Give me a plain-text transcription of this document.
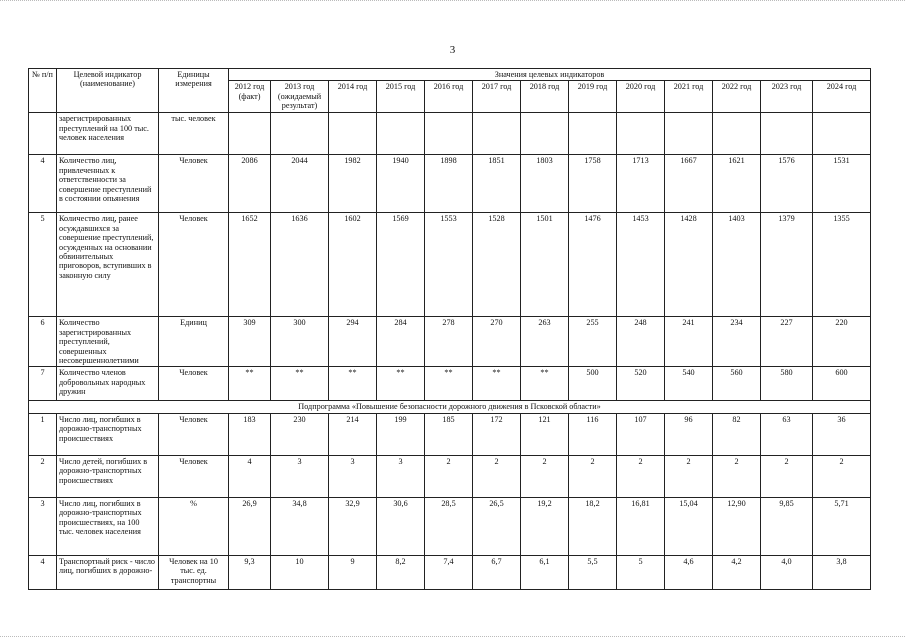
3
№ п/п	Целевой индикатор (наименование)	Единицы измерения	Значения целевых индикаторов												
			2012 год (факт)	2013 год (ожидаемый результат)	2014 год	2015 год	2016 год	2017 год	2018 год	2019 год	2020 год	2021 год	2022 год	2023 год	2024 год
	зарегистрированных преступлений на 100 тыс. человек населения	тыс. человек													
4	Количество лиц, привлеченных к ответственности за совершение преступлений в состоянии опьянения	Человек	2086	2044	1982	1940	1898	1851	1803	1758	1713	1667	1621	1576	1531
5	Количество лиц, ранее осуждавшихся за совершение преступлений, осужденных на основании обвинительных приговоров, вступивших в законную силу	Человек	1652	1636	1602	1569	1553	1528	1501	1476	1453	1428	1403	1379	1355
6	Количество зарегистрированных преступлений, совершенных несовершеннолетними	Единиц	309	300	294	284	278	270	263	255	248	241	234	227	220
7	Количество членов добровольных народных дружин	Человек	**	**	**	**	**	**	**	500	520	540	560	580	600
Подпрограмма «Повышение безопасности дорожного движения в Псковской области»															
1	Число лиц, погибших в дорожно-транспортных происшествиях	Человек	183	230	214	199	185	172	121	116	107	96	82	63	36
2	Число детей, погибших в дорожно-транспортных происшествиях	Человек	4	3	3	3	2	2	2	2	2	2	2	2	2
3	Число лиц, погибших в дорожно-транспортных происшествиях, на 100 тыс. человек населения	%	26,9	34,8	32,9	30,6	28,5	26,5	19,2	18,2	16,81	15,04	12,90	9,85	5,71
4	Транспортный риск - число лиц, погибших в дорожно-	Человек на 10 тыс. ед. транспортны	9,3	10	9	8,2	7,4	6,7	6,1	5,5	5	4,6	4,2	4,0	3,8
